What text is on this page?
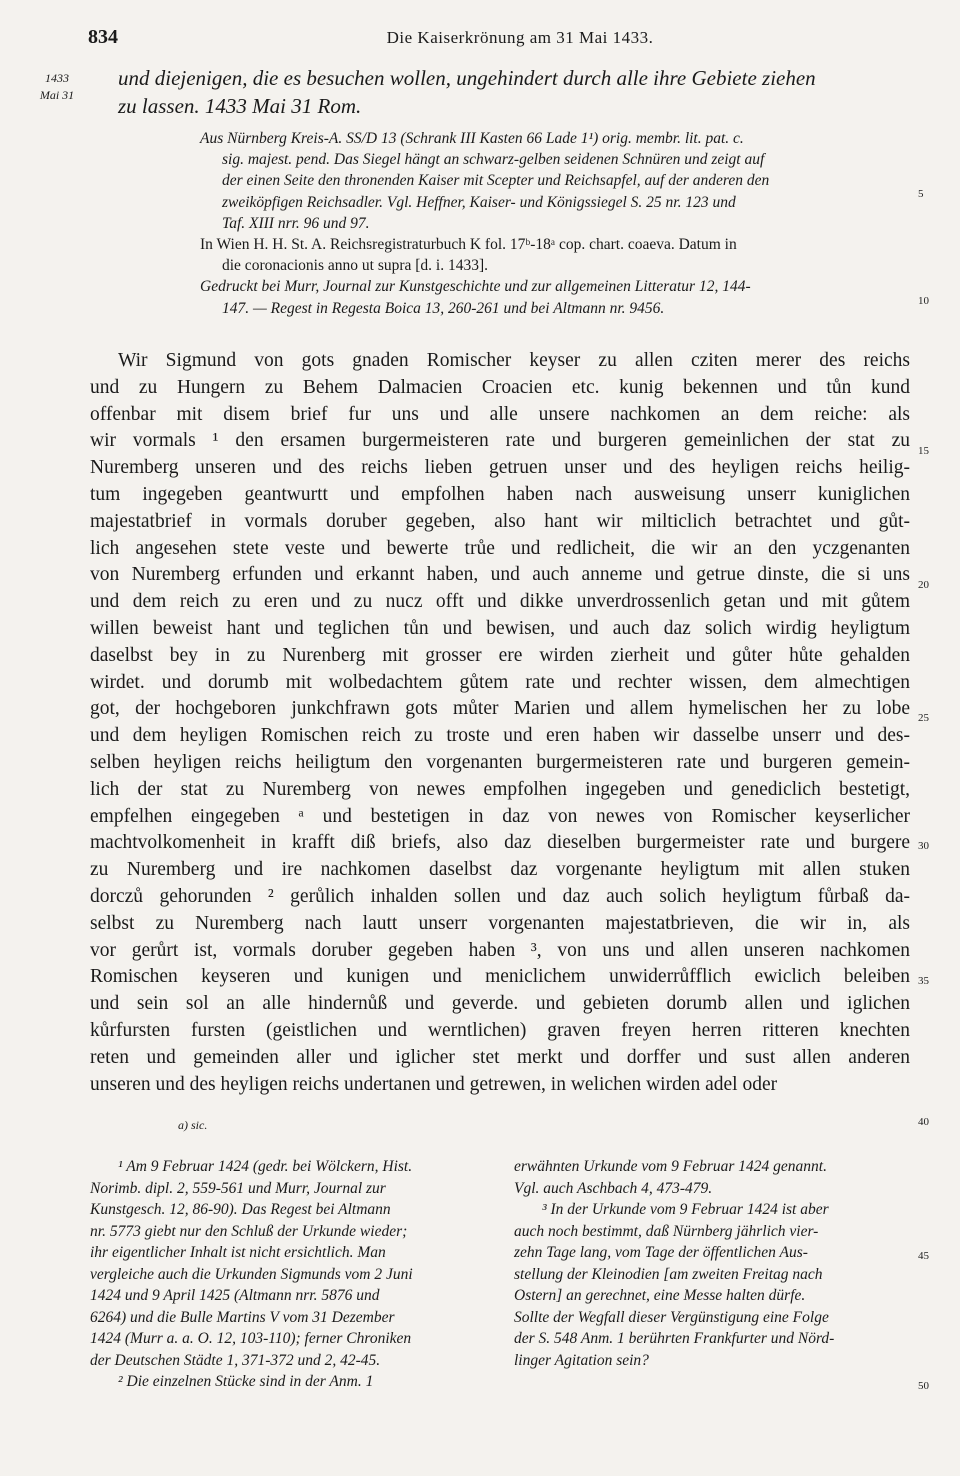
834	Die Kaiserkrönung am 31 Mai 1433.
1433
Mai 31
und diejenigen, die es besuchen wollen, ungehindert durch alle ihre Gebiete ziehen
zu lassen. 1433 Mai 31 Rom.
Aus Nürnberg Kreis-A. SS/D 13 (Schrank III Kasten 66 Lade 1¹) orig. membr. lit. pat. c.
sig. majest. pend. Das Siegel hängt an schwarz-gelben seidenen Schnüren und zeigt auf
der einen Seite den thronenden Kaiser mit Scepter und Reichsapfel, auf der anderen den
zweiköpfigen Reichsadler. Vgl. Heffner, Kaiser- und Königssiegel S. 25 nr. 123 und
Taf. XIII nrr. 96 und 97.
In Wien H. H. St. A. Reichsregistraturbuch K fol. 17ᵇ-18ᵃ cop. chart. coaeva. Datum in
die coronacionis anno ut supra [d. i. 1433].
Gedruckt bei Murr, Journal zur Kunstgeschichte und zur allgemeinen Litteratur 12, 144-
147. — Regest in Regesta Boica 13, 260-261 und bei Altmann nr. 9456.
Wir Sigmund von gots gnaden Romischer keyser zu allen cziten merer des reichs
und zu Hungern zu Behem Dalmacien Croacien etc. kunig bekennen und tůn kund
offenbar mit disem brief fur uns und alle unsere nachkomen an dem reiche: als
wir vormals ¹ den ersamen burgermeisteren rate und burgeren gemeinlichen der stat zu
Nuremberg unseren und des reichs lieben getruen unser und des heyligen reichs heilig-
tum ingegeben geantwurtt und empfolhen haben nach ausweisung unserr kuniglichen
majestatbrief in vormals doruber gegeben, also hant wir milticlich betrachtet und gůt-
lich angesehen stete veste und bewerte trůe und redlicheit, die wir an den yczgenanten
von Nuremberg erfunden und erkannt haben, und auch anneme und getrue dinste, die si uns
und dem reich zu eren und zu nucz offt und dikke unverdrossenlich getan und mit gůtem
willen beweist hant und teglichen tůn und bewisen, und auch daz solich wirdig heyligtum
daselbst bey in zu Nurenberg mit grosser ere wirden zierheit und gůter hůte gehalden
wirdet. und dorumb mit wolbedachtem gůtem rate und rechter wissen, dem almechtigen
got, der hochgeboren junkchfrawn gots můter Marien und allem hymelischen her zu lobe
und dem heyligen Romischen reich zu troste und eren haben wir dasselbe unserr und des-
selben heyligen reichs heiligtum den vorgenanten burgermeisteren rate und burgeren gemein-
lich der stat zu Nuremberg von newes empfolhen ingegeben und genediclich bestetigt,
empfelhen eingegeben ᵃ und bestetigen in daz von newes von Romischer keyserlicher
machtvolkomenheit in krafft diß briefs, also daz dieselben burgermeister rate und burgere
zu Nuremberg und ire nachkomen daselbst daz vorgenante heyligtum mit allen stuken
dorczů gehorunden ² gerůlich inhalden sollen und daz auch solich heyligtum fůrbaß da-
selbst zu Nuremberg nach lautt unserr vorgenanten majestatbrieven, die wir in, als
vor gerůrt ist, vormals doruber gegeben haben ³, von uns und allen unseren nachkomen
Romischen keyseren und kunigen und meniclichem unwiderrůfflich ewiclich beleiben
und sein sol an alle hindernůß und geverde. und gebieten dorumb allen und iglichen
kůrfursten fursten (geistlichen und werntlichen) graven freyen herren ritteren knechten
reten und gemeinden aller und iglicher stet merkt und dorffer und sust allen anderen
unseren und des heyligen reichs undertanen und getrewen, in welichen wirden adel oder
a) sic.
¹ Am 9 Februar 1424 (gedr. bei Wölckern, Hist.
Norimb. dipl. 2, 559-561 und Murr, Journal zur
Kunstgesch. 12, 86-90). Das Regest bei Altmann
nr. 5773 giebt nur den Schluß der Urkunde wieder;
ihr eigentlicher Inhalt ist nicht ersichtlich. Man
vergleiche auch die Urkunden Sigmunds vom 2 Juni
1424 und 9 April 1425 (Altmann nrr. 5876 und
6264) und die Bulle Martins V vom 31 Dezember
1424 (Murr a. a. O. 12, 103-110); ferner Chroniken
der Deutschen Städte 1, 371-372 und 2, 42-45.
² Die einzelnen Stücke sind in der Anm. 1
erwähnten Urkunde vom 9 Februar 1424 genannt.
Vgl. auch Aschbach 4, 473-479.
³ In der Urkunde vom 9 Februar 1424 ist aber
auch noch bestimmt, daß Nürnberg jährlich vier-
zehn Tage lang, vom Tage der öffentlichen Aus-
stellung der Kleinodien [am zweiten Freitag nach
Ostern] an gerechnet, eine Messe halten dürfe.
Sollte der Wegfall dieser Vergünstigung eine Folge
der S. 548 Anm. 1 berührten Frankfurter und Nörd-
linger Agitation sein?
5
10
15
20
25
30
35
40
45
50
